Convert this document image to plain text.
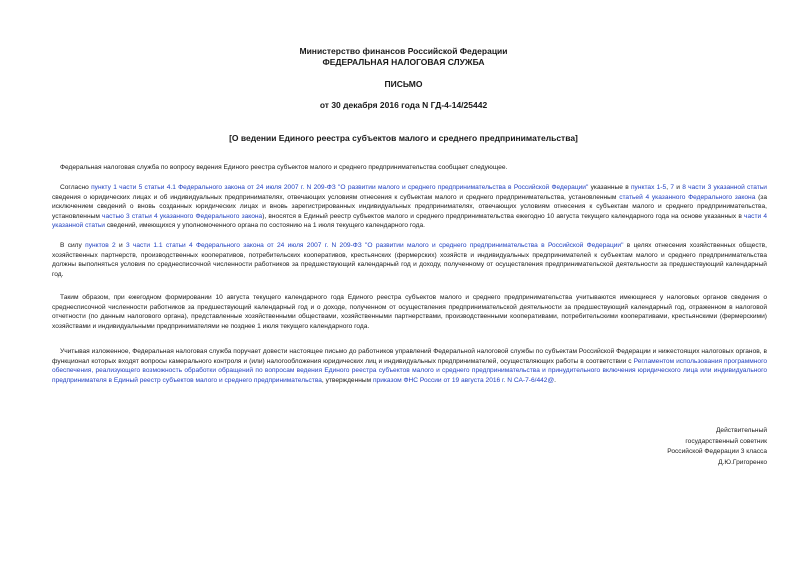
Министерство финансов Российской Федерации
ФЕДЕРАЛЬНАЯ НАЛОГОВАЯ СЛУЖБА
ПИСЬМО
от 30 декабря 2016 года N ГД-4-14/25442
[О ведении Единого реестра субъектов малого и среднего предпринимательства]
Федеральная налоговая служба по вопросу ведения Единого реестра субъектов малого и среднего предпринимательства сообщает следующее.
Согласно пункту 1 части 5 статьи 4.1 Федерального закона от 24 июля 2007 г. N 209-ФЗ "О развитии малого и среднего предпринимательства в Российской Федерации" указанные в пунктах 1-5, 7 и 8 части 3 указанной статьи сведения о юридических лицах и об индивидуальных предпринимателях, отвечающих условиям отнесения к субъектам малого и среднего предпринимательства, установленным статьей 4 указанного Федерального закона (за исключением сведений о вновь созданных юридических лицах и вновь зарегистрированных индивидуальных предпринимателях, отвечающих условиям отнесения к субъектам малого и среднего предпринимательства, установленным частью 3 статьи 4 указанного Федерального закона), вносятся в Единый реестр субъектов малого и среднего предпринимательства ежегодно 10 августа текущего календарного года на основе указанных в части 4 указанной статьи сведений, имеющихся у уполномоченного органа по состоянию на 1 июля текущего календарного года.
В силу пунктов 2 и 3 части 1.1 статьи 4 Федерального закона от 24 июля 2007 г. N 209-ФЗ "О развитии малого и среднего предпринимательства в Российской Федерации" в целях отнесения хозяйственных обществ, хозяйственных партнерств, производственных кооперативов, потребительских кооперативов, крестьянских (фермерских) хозяйств и индивидуальных предпринимателей к субъектам малого и среднего предпринимательства должны выполняться условия по среднесписочной численности работников за предшествующий календарный год и доходу, полученному от осуществления предпринимательской деятельности за предшествующий календарный год.
Таким образом, при ежегодном формировании 10 августа текущего календарного года Единого реестра субъектов малого и среднего предпринимательства учитываются имеющиеся у налоговых органов сведения о среднесписочной численности работников за предшествующий календарный год и о доходе, полученном от осуществления предпринимательской деятельности за предшествующий календарный год, отраженном в налоговой отчетности (по данным налогового органа), представленные хозяйственными обществами, хозяйственными партнерствами, производственными кооперативами, потребительскими кооперативами, крестьянскими (фермерскими) хозяйствами и индивидуальными предпринимателями не позднее 1 июля текущего календарного года.
Учитывая изложенное, Федеральная налоговая служба поручает довести настоящее письмо до работников управлений Федеральной налоговой службы по субъектам Российской Федерации и нижестоящих налоговых органов, в функционал которых входят вопросы камерального контроля и (или) налогообложения юридических лиц и индивидуальных предпринимателей, осуществляющих работы в соответствии с Регламентом использования программного обеспечения, реализующего возможность обработки обращений по вопросам ведения Единого реестра субъектов малого и среднего предпринимательства и принудительного включения юридического лица или индивидуального предпринимателя в Единый реестр субъектов малого и среднего предпринимательства, утвержденным приказом ФНС России от 19 августа 2016 г. N СА-7-6/442@.
Действительный
государственный советник
Российской Федерации 3 класса
Д.Ю.Григоренко
